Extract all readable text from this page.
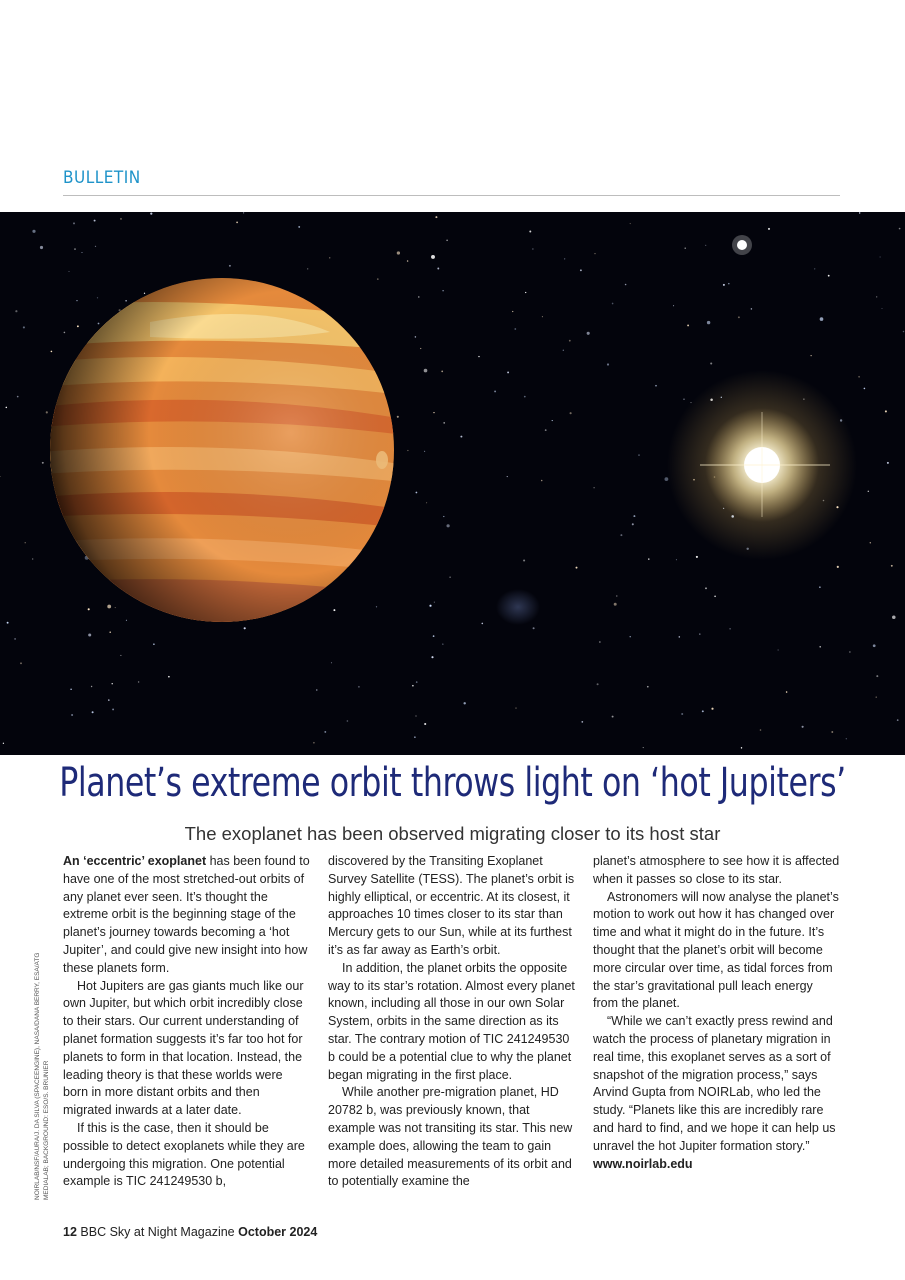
BULLETIN
Planet’s extreme orbit throws light on ‘hot Jupiters’

The exoplanet has been observed migrating closer to its host star

NOIRLAB/NSF/AURA/J. DA SILVA (SPACEENGINE), NASA/DANA BERRY, ESA/ATG MEDIALAB; BACKGROUND: ESO/S. BRUNIER

An ‘eccentric’ exoplanet has been found to have one of the most stretched-out orbits of any planet ever seen. It’s thought the extreme orbit is the beginning stage of the planet’s journey towards becoming a ‘hot Jupiter’, and could give new insight into how these planets form.

Hot Jupiters are gas giants much like our own Jupiter, but which orbit incredibly close to their stars. Our current understanding of planet formation suggests it’s far too hot for planets to form in that location. Instead, the leading theory is that these worlds were born in more distant orbits and then migrated inwards at a later date.

If this is the case, then it should be possible to detect exoplanets while they are undergoing this migration. One potential example is TIC 241249530 b,

discovered by the Transiting Exoplanet Survey Satellite (TESS). The planet’s orbit is highly elliptical, or eccentric. At its closest, it approaches 10 times closer to its star than Mercury gets to our Sun, while at its furthest it’s as far away as Earth’s orbit.

In addition, the planet orbits the opposite way to its star’s rotation. Almost every planet known, including all those in our own Solar System, orbits in the same direction as its star. The contrary motion of TIC 241249530 b could be a potential clue to why the planet began migrating in the first place.

While another pre-migration planet, HD 20782 b, was previously known, that example was not transiting its star. This new example does, allowing the team to gain more detailed measurements of its orbit and to potentially examine the

planet’s atmosphere to see how it is affected when it passes so close to its star.

Astronomers will now analyse the planet’s motion to work out how it has changed over time and what it might do in the future. It’s thought that the planet’s orbit will become more circular over time, as tidal forces from the star’s gravitational pull leach energy from the planet.

“While we can’t exactly press rewind and watch the process of planetary migration in real time, this exoplanet serves as a sort of snapshot of the migration process,” says Arvind Gupta from NOIRLab, who led the study. “Planets like this are incredibly rare and hard to find, and we hope it can help us unravel the hot Jupiter formation story.”

www.noirlab.edu

12 BBC Sky at Night Magazine October 2024
